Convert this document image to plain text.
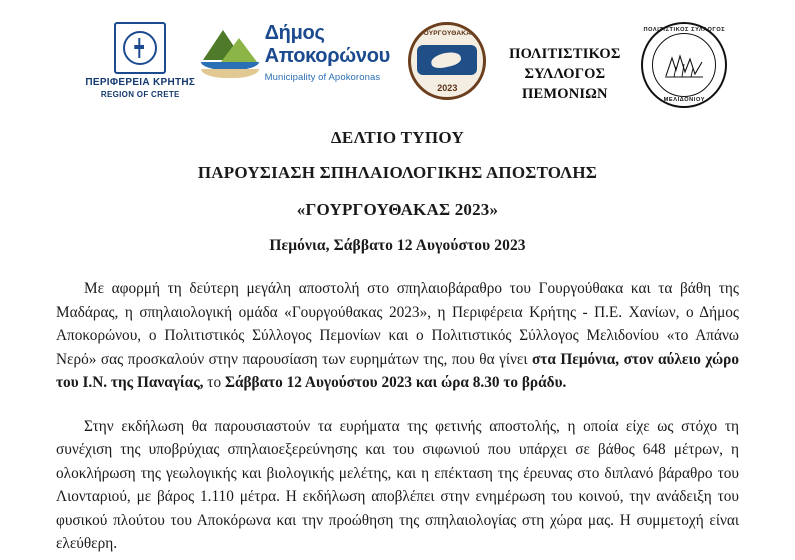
ΠΕΡΙΦΕΡΕΙΑ ΚΡΗΤΗΣ
REGION OF CRETE
Δήμος
Αποκορώνου
Municipality of Apokoronas
ΓΟΥΡΓΟΥΘΑΚΑΣ
2023
ΠΟΛΙΤΙΣΤΙΚΟΣ
ΣΥΛΛΟΓΟΣ
ΠΕΜΟΝΙΩΝ
ΠΟΛΙΤΙΣΤΙΚΟΣ ΣΥΛΛΟΓΟΣ
ΜΕΛΙΔΟΝΙΟΥ
ΔΕΛΤΙΟ ΤΥΠΟΥ
ΠΑΡΟΥΣΙΑΣΗ ΣΠΗΛΑΙΟΛΟΓΙΚΗΣ ΑΠΟΣΤΟΛΗΣ
«ΓΟΥΡΓΟΥΘΑΚΑΣ 2023»
Πεμόνια, Σάββατο 12 Αυγούστου 2023

Με αφορμή τη δεύτερη μεγάλη αποστολή στο σπηλαιοβάραθρο του Γουργούθακα και τα βάθη της Μαδάρας, η σπηλαιολογική ομάδα «Γουργούθακας 2023», η Περιφέρεια Κρήτης - Π.Ε. Χανίων, ο Δήμος Αποκορώνου, ο Πολιτιστικός Σύλλογος Πεμονίων και ο Πολιτιστικός Σύλλογος Μελιδονίου «το Απάνω Νερό» σας προσκαλούν στην παρουσίαση των ευρημάτων της, που θα γίνει στα Πεμόνια, στον αύλειο χώρο του Ι.Ν. της Παναγίας, το Σάββατο 12 Αυγούστου 2023 και ώρα 8.30 το βράδυ.

Στην εκδήλωση θα παρουσιαστούν τα ευρήματα της φετινής αποστολής, η οποία είχε ως στόχο τη συνέχιση της υποβρύχιας σπηλαιοεξερεύνησης και του σιφωνιού που υπάρχει σε βάθος 648 μέτρων, η ολοκλήρωση της γεωλογικής και βιολογικής μελέτης, και η επέκταση της έρευνας στο διπλανό βάραθρο του Λιονταριού, με βάρος 1.110 μέτρα. Η εκδήλωση αποβλέπει στην ενημέρωση του κοινού, την ανάδειξη του φυσικού πλούτου του Αποκόρωνα και την προώθηση της σπηλαιολογίας στη χώρα μας. Η συμμετοχή είναι ελεύθερη.
